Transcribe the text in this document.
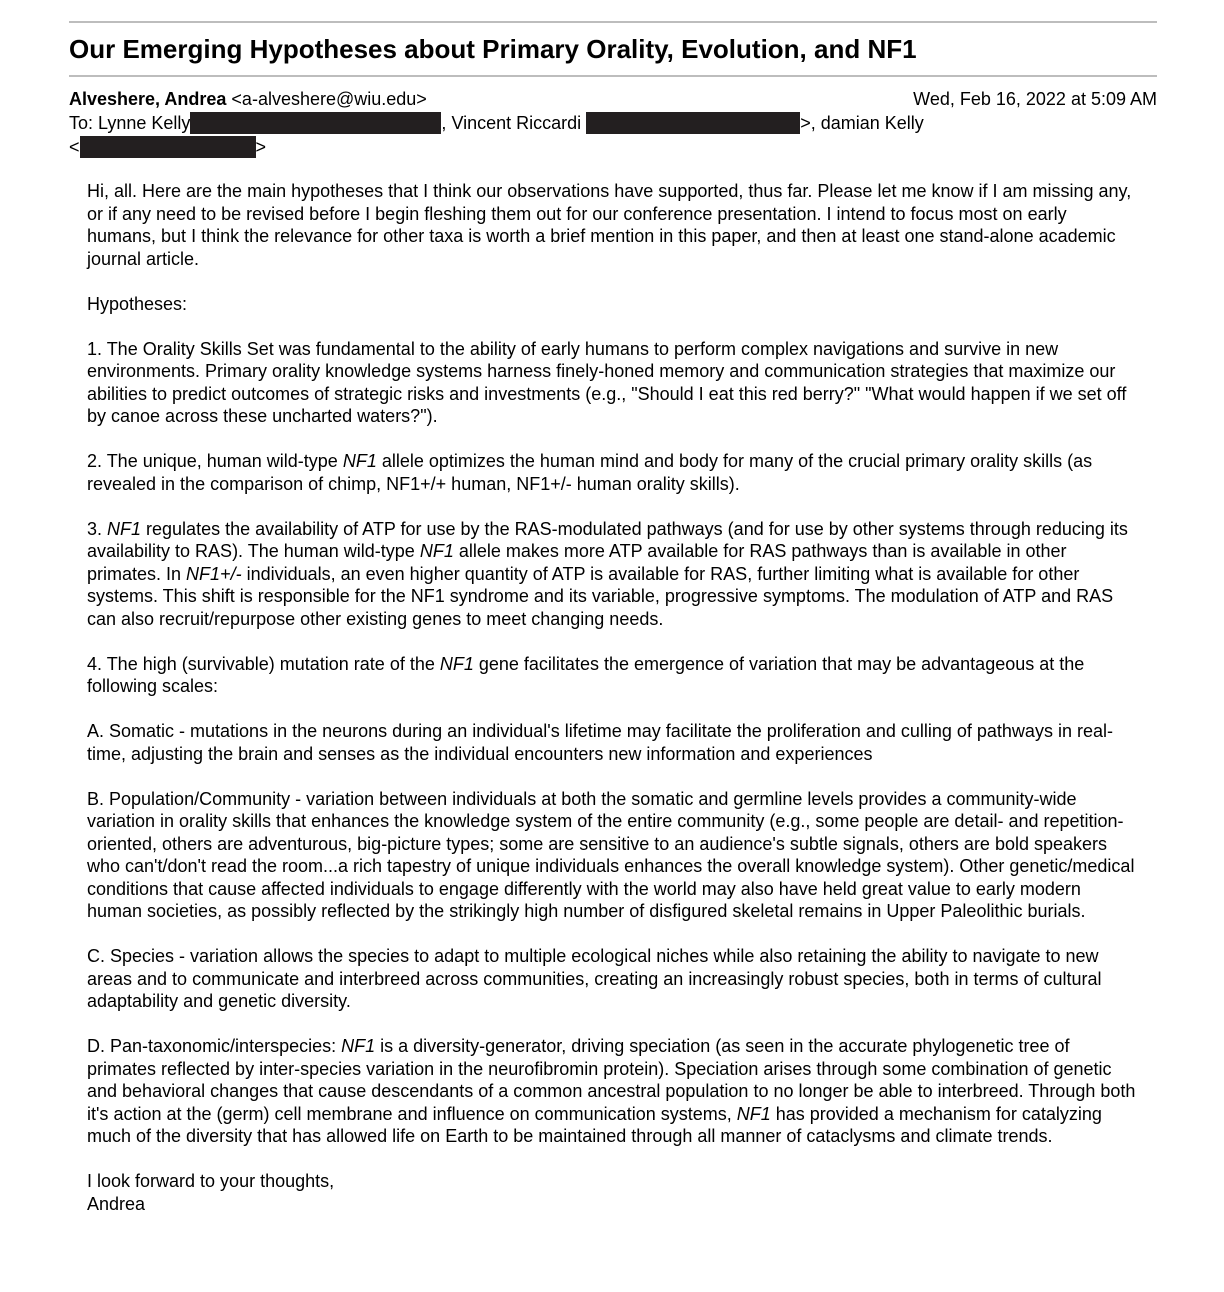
Our Emerging Hypotheses about Primary Orality, Evolution, and NF1
Alveshere, Andrea <a-alveshere@wiu.edu>	Wed, Feb 16, 2022 at 5:09 AM
To: Lynne Kelly	, Vincent Riccardi	>, damian Kelly
<	>

Hi, all. Here are the main hypotheses that I think our observations have supported, thus far. Please let me know if I am missing any, or if any need to be revised before I begin fleshing them out for our conference presentation. I intend to focus most on early humans, but I think the relevance for other taxa is worth a brief mention in this paper, and then at least one stand-alone academic journal article.

Hypotheses:

1. The Orality Skills Set was fundamental to the ability of early humans to perform complex navigations and survive in new environments. Primary orality knowledge systems harness finely-honed memory and communication strategies that maximize our abilities to predict outcomes of strategic risks and investments (e.g., "Should I eat this red berry?" "What would happen if we set off by canoe across these uncharted waters?").

2. The unique, human wild-type NF1 allele optimizes the human mind and body for many of the crucial primary orality skills (as revealed in the comparison of chimp, NF1+/+ human, NF1+/- human orality skills).

3. NF1 regulates the availability of ATP for use by the RAS-modulated pathways (and for use by other systems through reducing its availability to RAS). The human wild-type NF1 allele makes more ATP available for RAS pathways than is available in other primates. In NF1+/- individuals, an even higher quantity of ATP is available for RAS, further limiting what is available for other systems. This shift is responsible for the NF1 syndrome and its variable, progressive symptoms. The modulation of ATP and RAS can also recruit/repurpose other existing genes to meet changing needs.

4. The high (survivable) mutation rate of the NF1 gene facilitates the emergence of variation that may be advantageous at the following scales:

A. Somatic - mutations in the neurons during an individual's lifetime may facilitate the proliferation and culling of pathways in real-time, adjusting the brain and senses as the individual encounters new information and experiences

B. Population/Community - variation between individuals at both the somatic and germline levels provides a community-wide variation in orality skills that enhances the knowledge system of the entire community (e.g., some people are detail- and repetition-oriented, others are adventurous, big-picture types; some are sensitive to an audience's subtle signals, others are bold speakers who can't/don't read the room...a rich tapestry of unique individuals enhances the overall knowledge system). Other genetic/medical conditions that cause affected individuals to engage differently with the world may also have held great value to early modern human societies, as possibly reflected by the strikingly high number of disfigured skeletal remains in Upper Paleolithic burials.

C. Species - variation allows the species to adapt to multiple ecological niches while also retaining the ability to navigate to new areas and to communicate and interbreed across communities, creating an increasingly robust species, both in terms of cultural adaptability and genetic diversity.

D. Pan-taxonomic/interspecies: NF1 is a diversity-generator, driving speciation (as seen in the accurate phylogenetic tree of primates reflected by inter-species variation in the neurofibromin protein). Speciation arises through some combination of genetic and behavioral changes that cause descendants of a common ancestral population to no longer be able to interbreed. Through both it's action at the (germ) cell membrane and influence on communication systems, NF1 has provided a mechanism for catalyzing much of the diversity that has allowed life on Earth to be maintained through all manner of cataclysms and climate trends.

I look forward to your thoughts,
Andrea
